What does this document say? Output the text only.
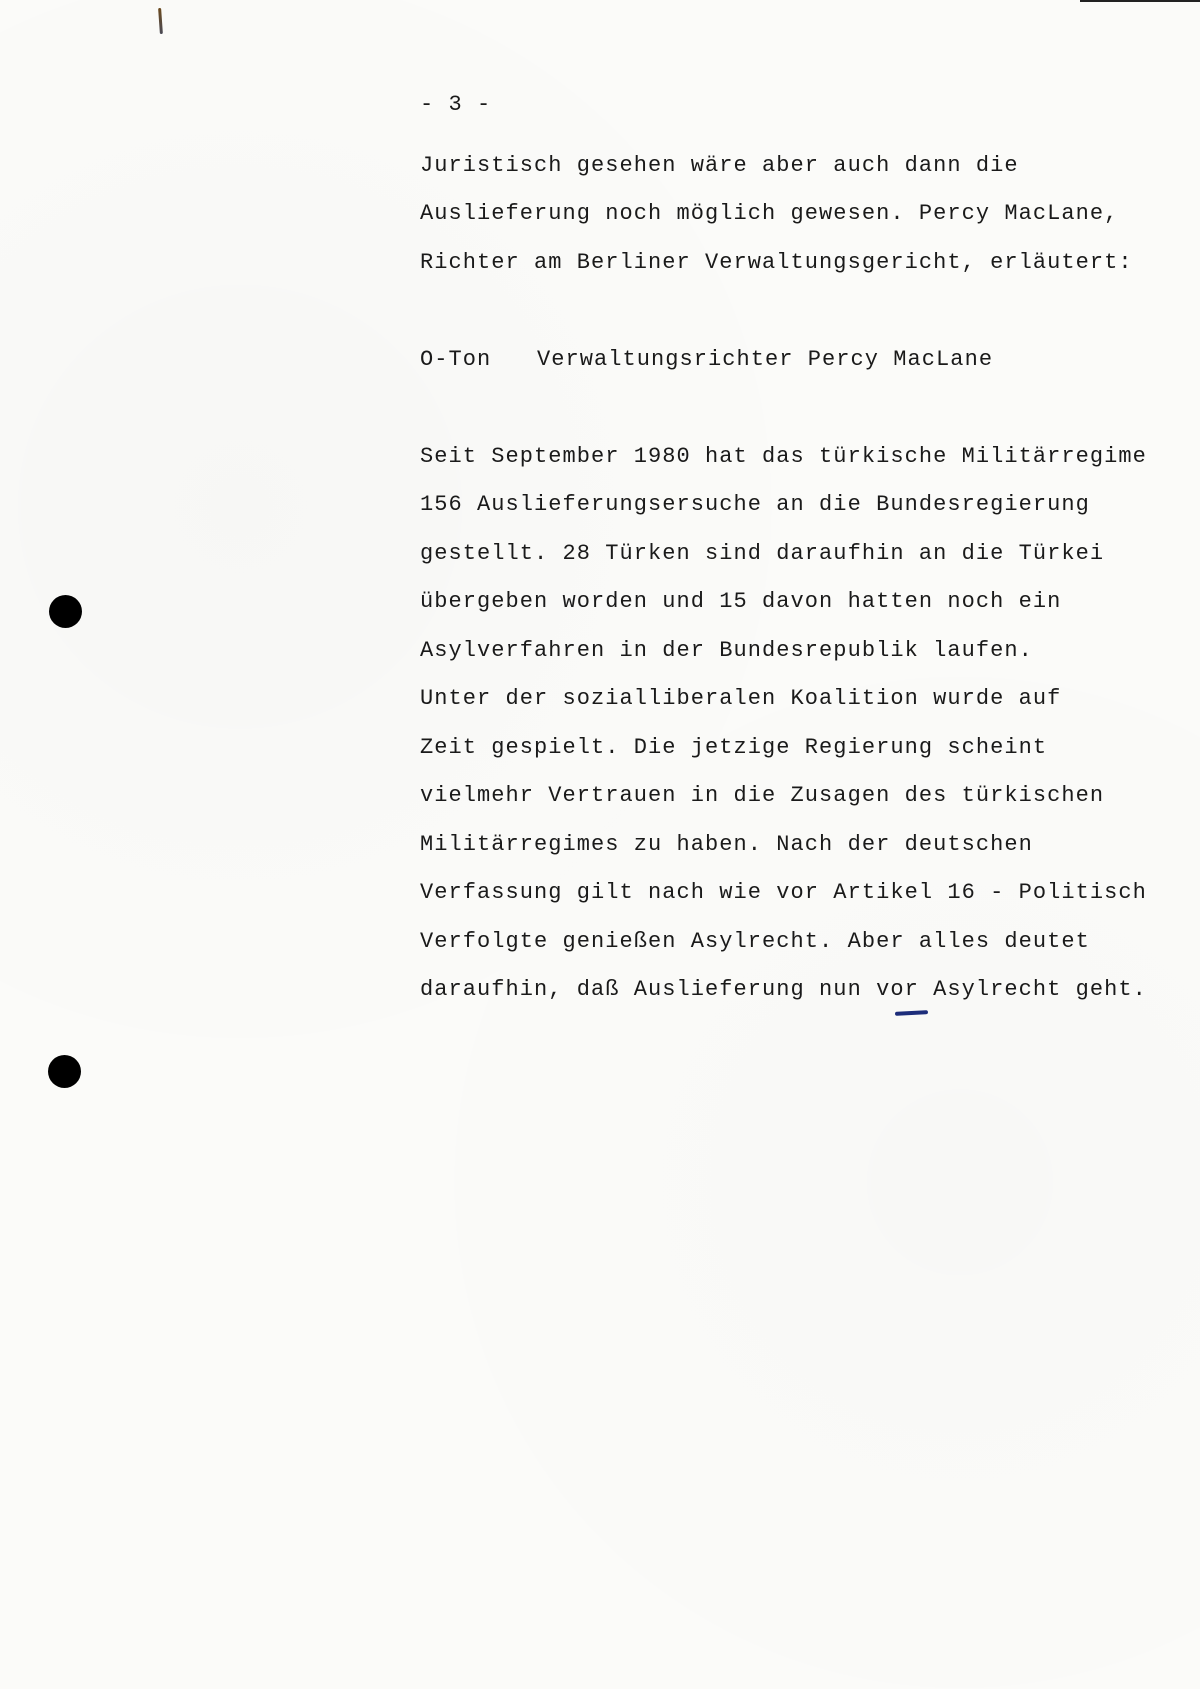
- 3 -

Juristisch gesehen wäre aber auch dann die

Auslieferung noch möglich gewesen. Percy MacLane,

Richter am Berliner Verwaltungsgericht, erläutert:

O-Ton

Verwaltungsrichter Percy MacLane

Seit September 1980 hat das türkische Militärregime

156 Auslieferungsersuche an die Bundesregierung

gestellt. 28 Türken sind daraufhin an die Türkei

übergeben worden und 15 davon hatten noch ein

Asylverfahren in der Bundesrepublik laufen.

Unter der sozialliberalen Koalition wurde auf

Zeit gespielt. Die jetzige Regierung scheint

vielmehr Vertrauen in die Zusagen des türkischen

Militärregimes zu haben. Nach der deutschen

Verfassung gilt nach wie vor Artikel 16 - Politisch

Verfolgte genießen Asylrecht. Aber alles deutet

daraufhin, daß Auslieferung nun vor Asylrecht geht.
